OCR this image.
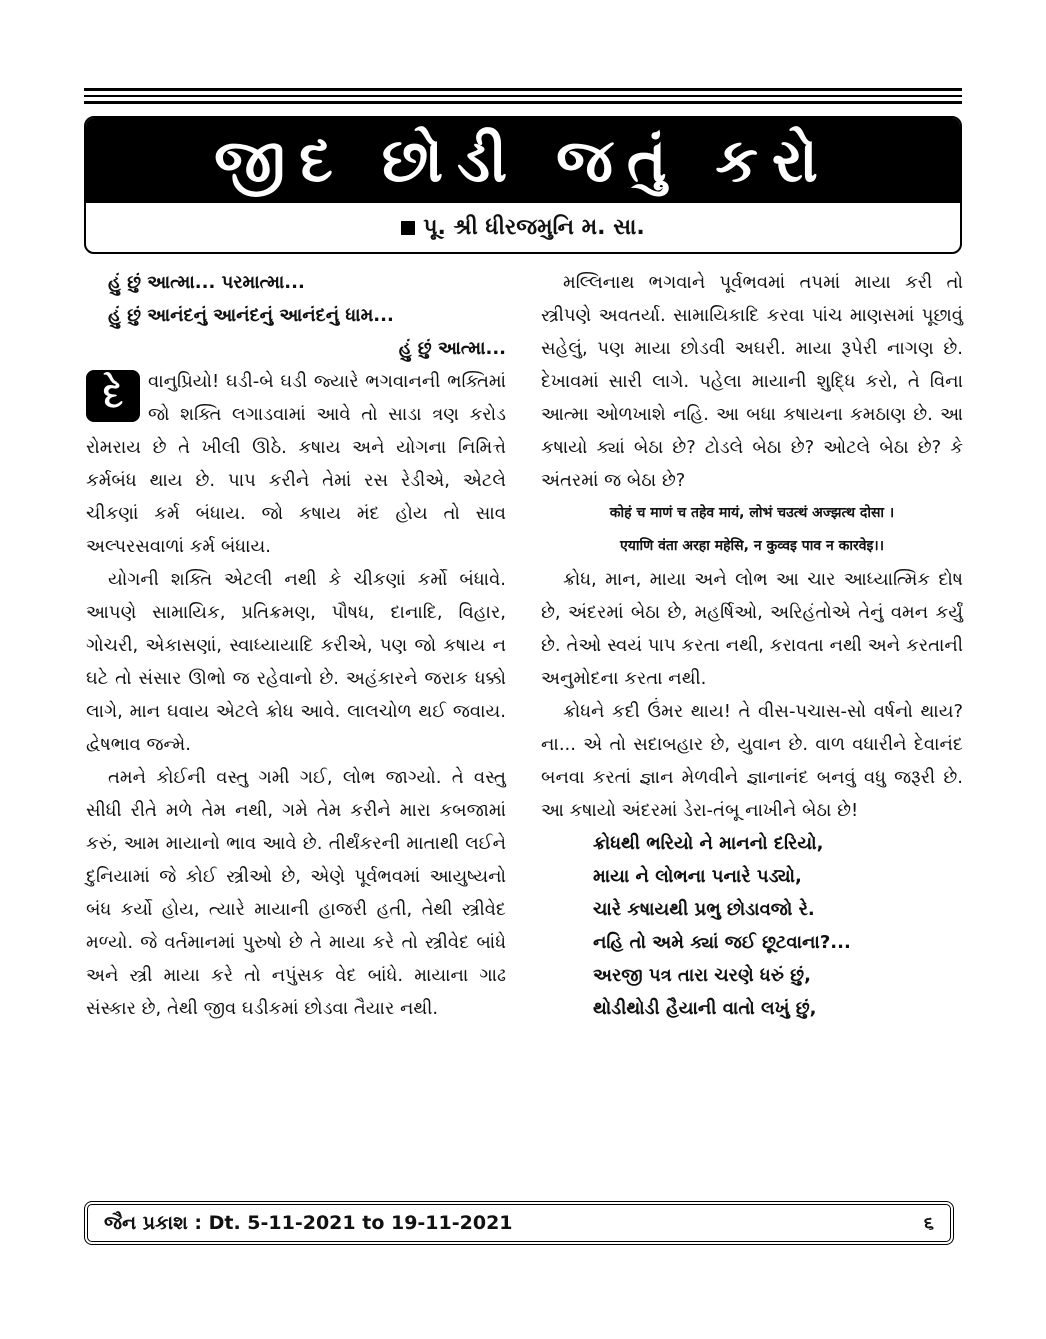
જીદ છોડી જતું કરો
પૂ. શ્રી ધીરજમુનિ મ. સા.
હું છું આત્મા... પરમાત્મા...
હું છું આનંદનું આનંદનું આનંદનું ધામ...
હું છું આત્મા...

દે	વાનુપ્રિયો! ઘડી-બે ઘડી જ્યારે ભગવાનની ભક્તિમાં જો શક્તિ લગાડવામાં આવે તો સાડા ત્રણ કરોડ રોમરાય છે તે ખીલી ઊઠે. કષાય અને યોગના નિમિત્તે કર્મબંધ થાય છે. પાપ કરીને તેમાં રસ રેડીએ, એટલે ચીકણાં કર્મ બંધાય. જો કષાય મંદ હોય તો સાવ અલ્પરસવાળાં કર્મ બંધાય.

યોગની શક્તિ એટલી નથી કે ચીકણાં કર્મો બંધાવે. આપણે સામાયિક, પ્રતિક્રમણ, પૌષધ, દાનાદિ, વિહાર, ગોચરી, એકાસણાં, સ્વાધ્યાયાદિ કરીએ, પણ જો કષાય ન ઘટે તો સંસાર ઊભો જ રહેવાનો છે. અહંકારને જરાક ધક્કો લાગે, માન ઘવાય એટલે ક્રોધ આવે. લાલચોળ થઈ જવાય. દ્વેષભાવ જન્મે.

તમને કોઈની વસ્તુ ગમી ગઈ, લોભ જાગ્યો. તે વસ્તુ સીધી રીતે મળે તેમ નથી, ગમે તેમ કરીને મારા કબજામાં કરું, આમ માયાનો ભાવ આવે છે. તીર્થંકરની માતાથી લઈને દુનિયામાં જે કોઈ સ્ત્રીઓ છે, એણે પૂર્વભવમાં આયુષ્યનો બંધ કર્યો હોય, ત્યારે માયાની હાજરી હતી, તેથી સ્ત્રીવેદ મળ્યો. જે વર્તમાનમાં પુરુષો છે તે માયા કરે તો સ્ત્રીવેદ બાંધે અને સ્ત્રી માયા કરે તો નપુંસક વેદ બાંધે. માયાના ગાઢ સંસ્કાર છે, તેથી જીવ ઘડીકમાં છોડવા તૈયાર નથી.

મલ્લિનાથ ભગવાને પૂર્વભવમાં તપમાં માયા કરી તો સ્ત્રીપણે અવતર્યા. સામાયિકાદિ કરવા પાંચ માણસમાં પૂછાવું સહેલું, પણ માયા છોડવી અઘરી. માયા રૂપેરી નાગણ છે. દેખાવમાં સારી લાગે. પહેલા માયાની શુદ્ધિ કરો, તે વિના આત્મા ઓળખાશે નહિ. આ બધા કષાયના કમઠાણ છે. આ કષાયો ક્યાં બેઠા છે? ટોડલે બેઠા છે? ઓટલે બેઠા છે? કે અંતરમાં જ બેઠા છે?

कोहं च माणं च तहेव मायं, लोभं चउत्थं अज्झत्थ दोसा ।
एयाणि वंता अरहा महेसि, न कुव्वइ पाव न कारवेइ।।

ક્રોધ, માન, માયા અને લોભ આ ચાર આધ્યાત્મિક દોષ છે, અંદરમાં બેઠા છે, મહર્ષિઓ, અરિહંતોએ તેનું વમન કર્યું છે. તેઓ સ્વયં પાપ કરતા નથી, કરાવતા નથી અને કરતાની અનુમોદના કરતા નથી.

ક્રોધને કદી ઉંમર થાય! તે વીસ-પચાસ-સો વર્ષનો થાય? ના... એ તો સદાબહાર છે, યુવાન છે. વાળ વધારીને દેવાનંદ બનવા કરતાં જ્ઞાન મેળવીને જ્ઞાનાનંદ બનવું વધુ જરૂરી છે. આ કષાયો અંદરમાં ડેરા-તંબૂ નાખીને બેઠા છે!

ક્રોધથી ભરિયો ને માનનો દરિયો,
માયા ને લોભના પનારે પડ્યો,
ચારે કષાયથી પ્રભુ છોડાવજો રે.
નહિ તો અમે ક્યાં જઈ છૂટવાના?...
અરજી પત્ર તારા ચરણે ધરું છું,
થોડીથોડી હૈયાની વાતો લખું છું,
જૈન પ્રકાશ : Dt. 5-11-2021 to 19-11-2021	૬
